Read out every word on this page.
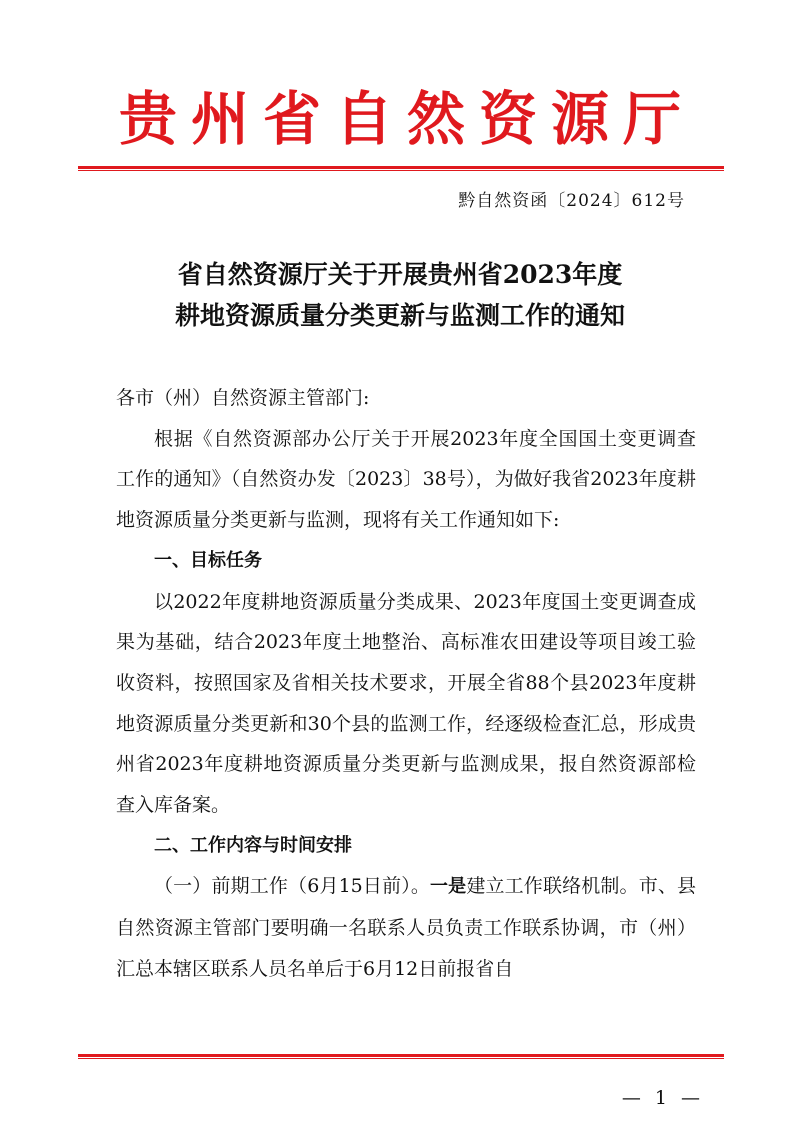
贵州省自然资源厅
黔自然资函〔2024〕612号
省自然资源厅关于开展贵州省2023年度
耕地资源质量分类更新与监测工作的通知

各市（州）自然资源主管部门:

根据《自然资源部办公厅关于开展2023年度全国国土变更调查工作的通知》（自然资办发〔2023〕38号），为做好我省2023年度耕地资源质量分类更新与监测，现将有关工作通知如下:

一、目标任务

以2022年度耕地资源质量分类成果、2023年度国土变更调查成果为基础，结合2023年度土地整治、高标准农田建设等项目竣工验收资料，按照国家及省相关技术要求，开展全省88个县2023年度耕地资源质量分类更新和30个县的监测工作，经逐级检查汇总，形成贵州省2023年度耕地资源质量分类更新与监测成果，报自然资源部检查入库备案。

二、工作内容与时间安排

（一）前期工作（6月15日前）。一是建立工作联络机制。市、县自然资源主管部门要明确一名联系人员负责工作联系协调，市（州）汇总本辖区联系人员名单后于6月12日前报省自

— 1 —
